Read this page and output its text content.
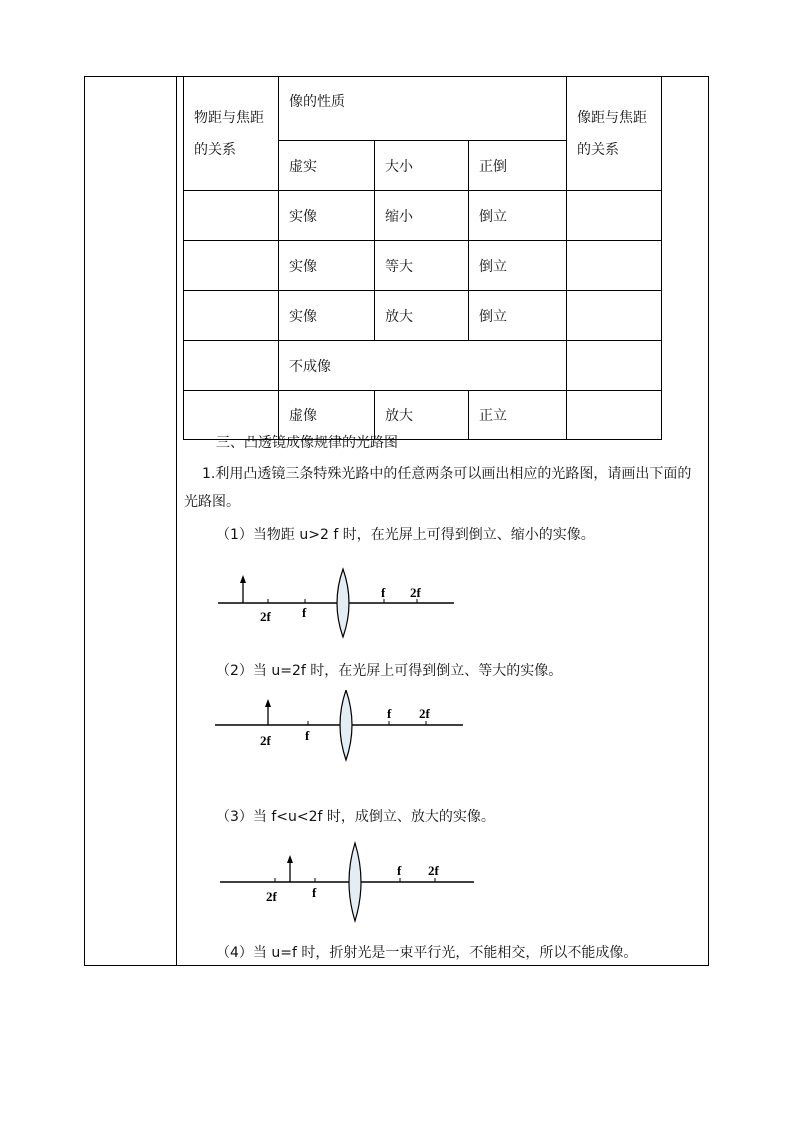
物距与焦距的关系	像的性质			像距与焦距的关系

	虚实	大小	正倒	
	实像	缩小	倒立	
	实像	等大	倒立	
	实像	放大	倒立	
	不成像			
	虚像	放大	正立	
三、凸透镜成像规律的光路图
1.利用凸透镜三条特殊光路中的任意两条可以画出相应的光路图，请画出下面的光路图。
（1）当物距 u>2 f 时，在光屏上可得到倒立、缩小的实像。
2f f
f 2f
（2）当 u=2f 时，在光屏上可得到倒立、等大的实像。
2f	f
f 2f
（3）当 f<u<2f 时，成倒立、放大的实像。
2f	f
f 2f
（4）当 u=f 时，折射光是一束平行光，不能相交，所以不能成像。
